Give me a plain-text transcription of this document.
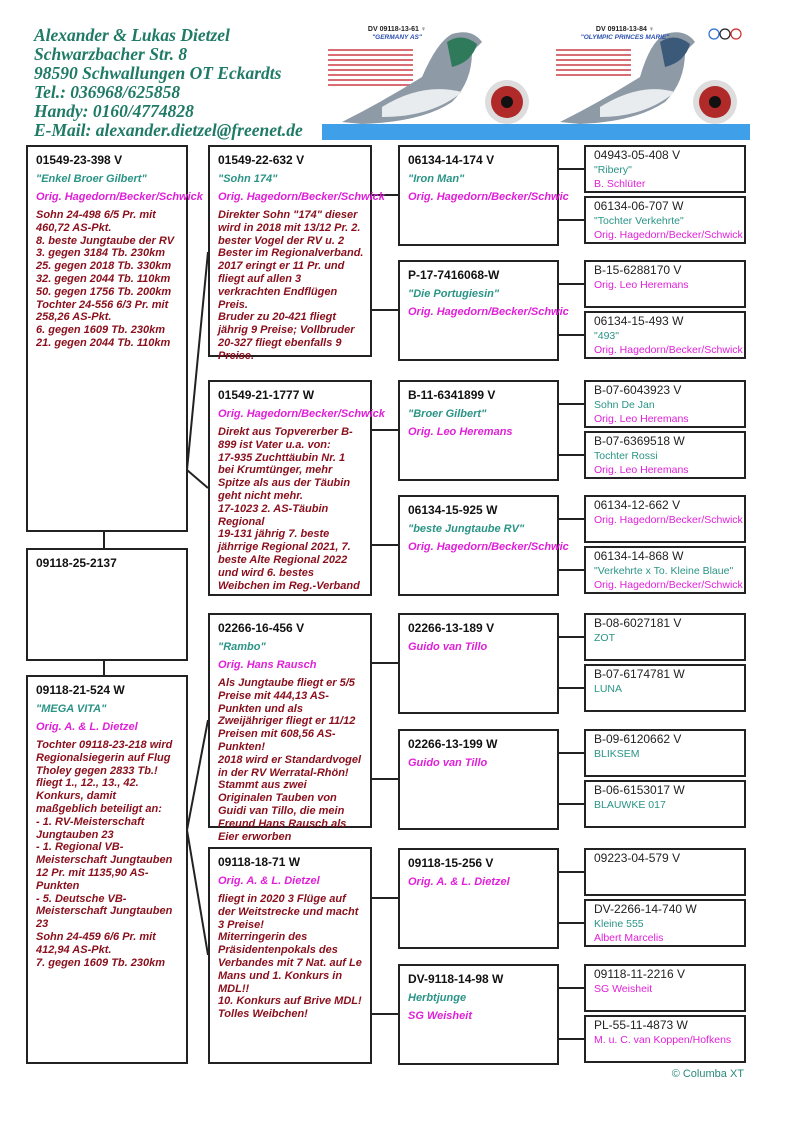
Alexander & Lukas Dietzel
Schwarzbacher Str. 8
98590 Schwallungen OT Eckardts
Tel.: 036968/625858
Handy: 0160/4774828
E-Mail: alexander.dietzel@freenet.de
DV 09118-13-61 ♀
"GERMANY AS"
DV 09118-13-84 ♀
"OLYMPIC PRINCES MARIE"
01549-23-398 V
"Enkel Broer Gilbert"
Orig. Hagedorn/Becker/Schwick
Sohn 24-498 6/5 Pr. mit 460,72 AS-Pkt.
8. beste Jungtaube der RV
3. gegen 3184 Tb. 230km
25. gegen 2018 Tb. 330km
32. gegen 2044 Tb. 110km
50. gegen 1756 Tb. 200km
Tochter 24-556 6/3 Pr. mit 258,26 AS-Pkt.
6. gegen 1609 Tb. 230km
21. gegen 2044 Tb. 110km
09118-25-2137
09118-21-524 W
"MEGA VITA"
Orig. A. & L. Dietzel
Tochter 09118-23-218 wird Regionalsiegerin auf Flug Tholey gegen 2833 Tb.!
fliegt 1., 12., 13., 42. Konkurs, damit maßgeblich beteiligt an:
- 1. RV-Meisterschaft Jungtauben 23
- 1. Regional VB-Meisterschaft Jungtauben 12 Pr. mit 1135,90 AS-Punkten
- 5. Deutsche VB-Meisterschaft Jungtauben 23
Sohn 24-459 6/6 Pr. mit 412,94 AS-Pkt.
7. gegen 1609 Tb. 230km
01549-22-632 V
"Sohn 174"
Orig. Hagedorn/Becker/Schwick
Direkter Sohn "174" dieser wird in 2018 mit 13/12 Pr. 2. bester Vogel der RV u. 2 Bester im Regionalverband.
2017 eringt er 11 Pr. und fliegt auf allen 3 verkrachten Endflügen Preis.
Bruder zu 20-421 fliegt jährig 9 Preise; Vollbruder 20-327 fliegt ebenfalls 9 Preise.
01549-21-1777 W
Orig. Hagedorn/Becker/Schwick
Direkt aus Topvererber B-899 ist Vater u.a. von:
17-935 Zuchttäubin Nr. 1 bei Krumtünger, mehr Spitze als aus der Täubin geht nicht mehr.
17-1023 2. AS-Täubin Regional
19-131 jährig 7. beste jährrige Regional 2021, 7. beste Alte Regional 2022 und wird 6. bestes Weibchen im Reg.-Verband
02266-16-456 V
"Rambo"
Orig. Hans Rausch
Als Jungtaube fliegt er 5/5 Preise mit 444,13 AS-Punkten und als Zweijähriger fliegt er 11/12 Preisen mit 608,56 AS-Punkten!
2018 wird er Standardvogel in der RV Werratal-Rhön!
Stammt aus zwei Originalen Tauben von Guidi van Tillo, die mein Freund Hans Rausch als Eier erworben
09118-18-71 W
Orig. A. & L. Dietzel
fliegt in 2020 3 Flüge auf der Weitstrecke und macht 3 Preise!
Miterringerin des Präsidentenpokals des Verbandes mit 7 Nat. auf Le Mans und 1. Konkurs in MDL!!
10. Konkurs auf Brive MDL!
Tolles Weibchen!
06134-14-174 V
"Iron Man"
Orig. Hagedorn/Becker/Schwic
P-17-7416068-W
"Die Portugiesin"
Orig. Hagedorn/Becker/Schwic
B-11-6341899 V
"Broer Gilbert"
Orig. Leo Heremans
06134-15-925 W
"beste Jungtaube RV"
Orig. Hagedorn/Becker/Schwic
02266-13-189 V
Guido van Tillo
02266-13-199 W
Guido van Tillo
09118-15-256 V
Orig. A. & L. Dietzel
DV-9118-14-98 W
Herbtjunge
SG Weisheit
04943-05-408 V
"Ribery"
B. Schlüter
06134-06-707 W
"Tochter Verkehrte"
Orig. Hagedorn/Becker/Schwick
B-15-6288170 V
Orig. Leo Heremans
06134-15-493 W
"493"
Orig. Hagedorn/Becker/Schwick
B-07-6043923 V
Sohn De Jan
Orig. Leo Heremans
B-07-6369518 W
Tochter Rossi
Orig. Leo Heremans
06134-12-662 V
Orig. Hagedorn/Becker/Schwick
06134-14-868 W
"Verkehrte x To. Kleine Blaue"
Orig. Hagedorn/Becker/Schwick
B-08-6027181 V
ZOT
B-07-6174781 W
LUNA
B-09-6120662 V
BLIKSEM
B-06-6153017 W
BLAUWKE 017
09223-04-579 V
DV-2266-14-740 W
Kleine 555
Albert Marcelis
09118-11-2216 V
SG Weisheit
PL-55-11-4873 W
M. u. C. van Koppen/Hofkens
© Columba XT
